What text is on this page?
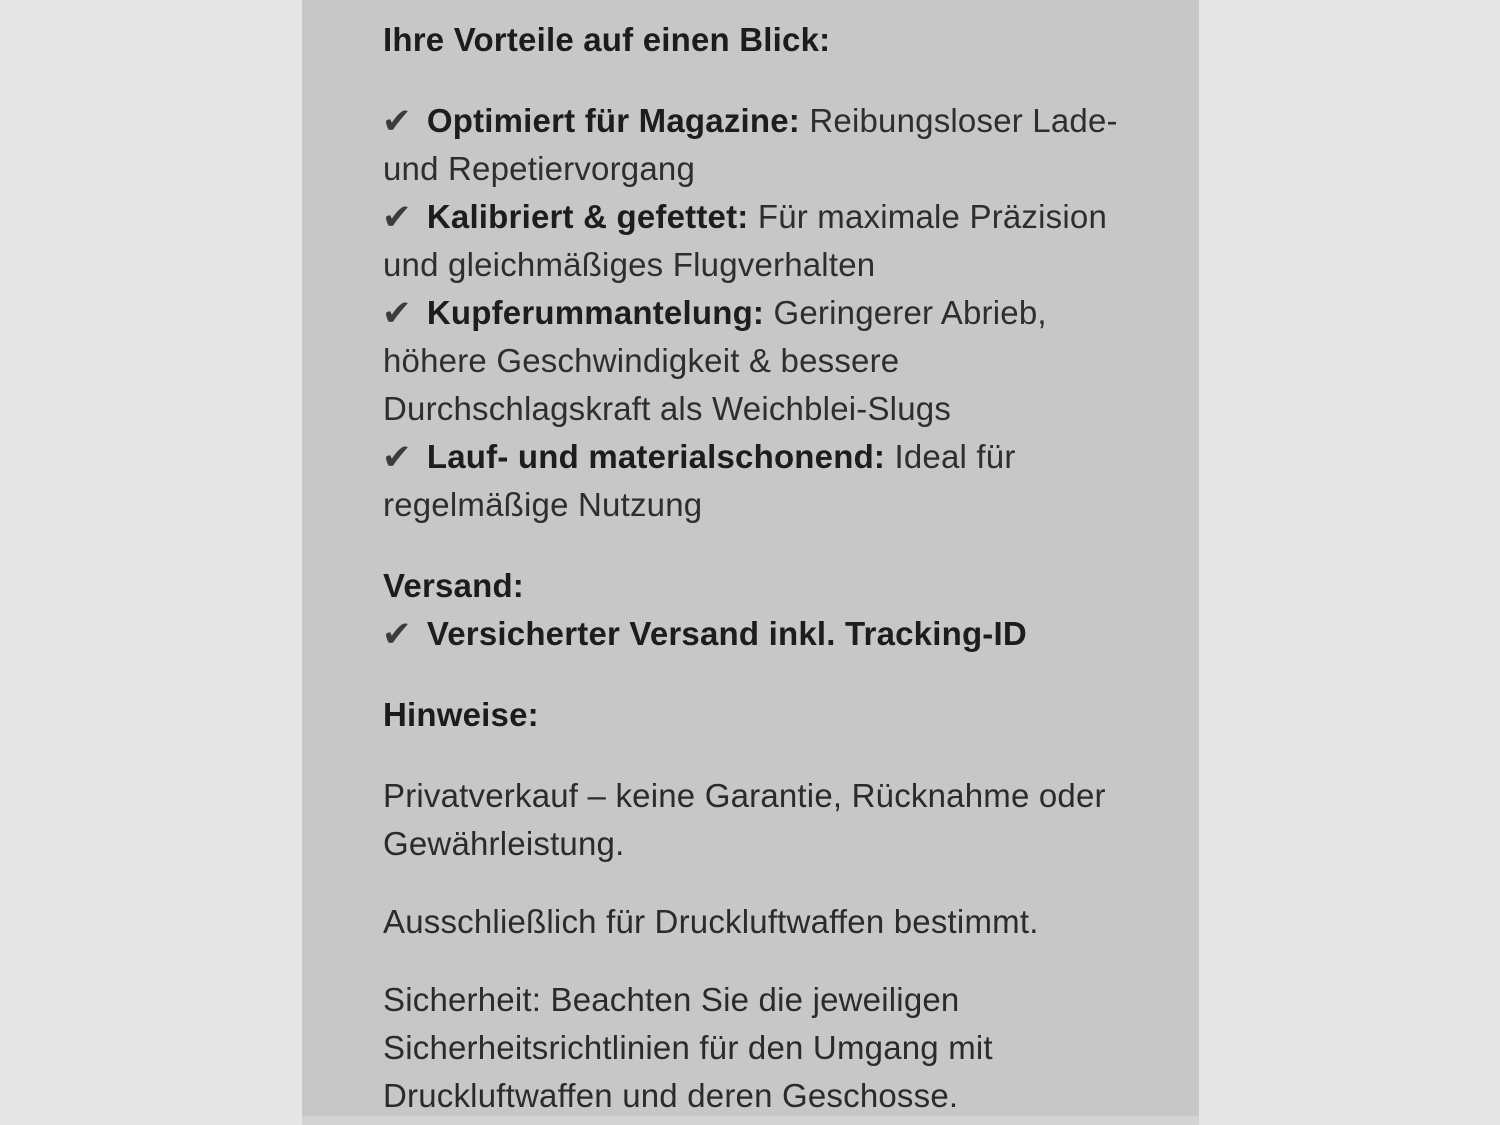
Ihre Vorteile auf einen Blick:

✔ Optimiert für Magazine: Reibungsloser Lade- und Repetiervorgang

✔ Kalibriert & gefettet: Für maximale Präzision und gleichmäßiges Flugverhalten

✔ Kupferummantelung: Geringerer Abrieb, höhere Geschwindigkeit & bessere Durchschlagskraft als Weichblei-Slugs

✔ Lauf- und materialschonend: Ideal für regelmäßige Nutzung

Versand:

✔ Versicherter Versand inkl. Tracking-ID

Hinweise:

Privatverkauf – keine Garantie, Rücknahme oder Gewährleistung.

Ausschließlich für Druckluftwaffen bestimmt.

Sicherheit: Beachten Sie die jeweiligen Sicherheitsrichtlinien für den Umgang mit Druckluftwaffen und deren Geschosse.
